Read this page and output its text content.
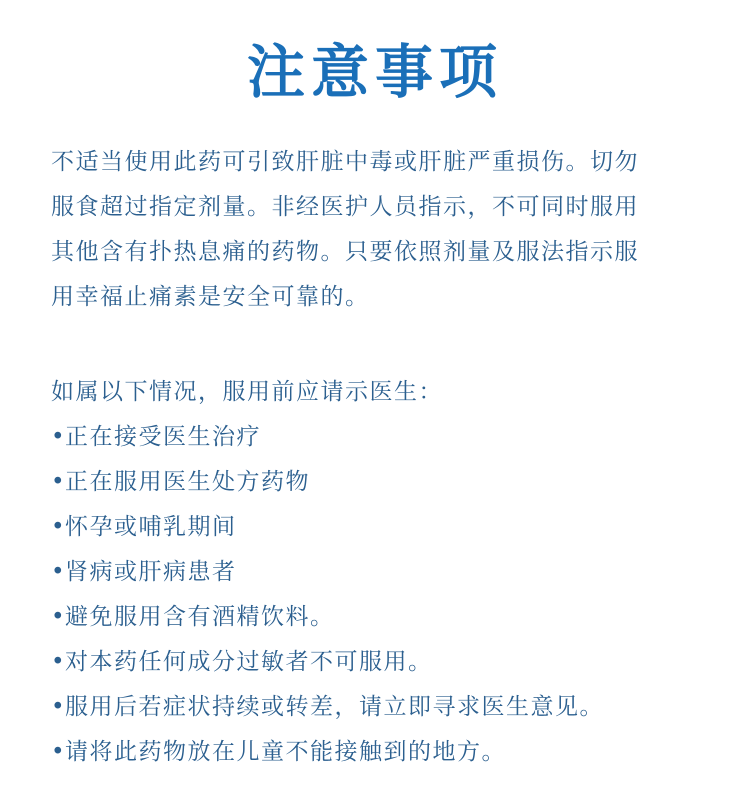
注意事项
不适当使用此药可引致肝脏中毒或肝脏严重损伤。切勿
服食超过指定剂量。非经医护人员指示，不可同时服用
其他含有扑热息痛的药物。只要依照剂量及服法指示服
用幸福止痛素是安全可靠的。
如属以下情况，服用前应请示医生：
•正在接受医生治疗
•正在服用医生处方药物
•怀孕或哺乳期间
•肾病或肝病患者
•避免服用含有酒精饮料。
•对本药任何成分过敏者不可服用。
•服用后若症状持续或转差，请立即寻求医生意见。
•请将此药物放在儿童不能接触到的地方。
